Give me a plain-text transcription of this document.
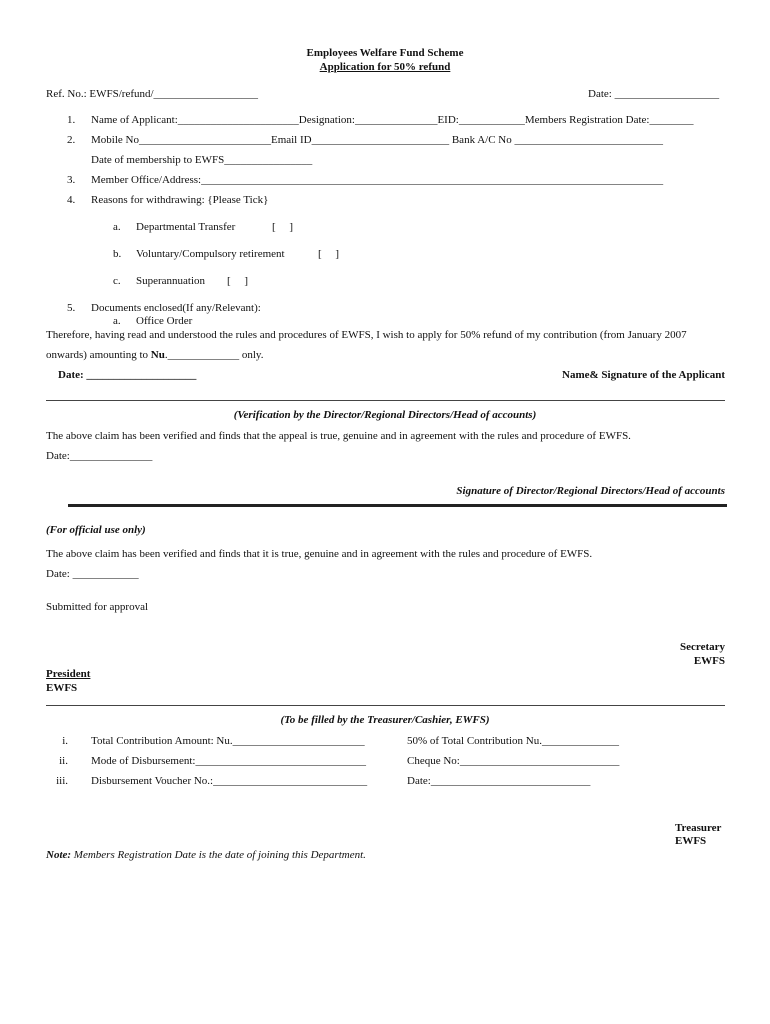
Employees Welfare Fund Scheme
Application for 50% refund
Ref. No.: EWFS/refund/___________________	Date: ___________________
1. Name of Applicant:______________________Designation:_______________EID:____________Members Registration Date:________
2. Mobile No________________________Email ID_________________________ Bank A/C No ___________________________
Date of membership to EWFS________________
3. Member Office/Address:____________________________________________________________________________________
4. Reasons for withdrawing: {Please Tick}
a. Departmental Transfer	[     ]
b. Voluntary/Compulsory retirement	[     ]
c. Superannuation [     ]
5. Documents enclosed(If any/Relevant):
a. Office Order
Therefore, having read and understood the rules and procedures of EWFS, I wish to apply for 50% refund of my contribution (from January 2007
onwards) amounting to Nu._____________ only.
Date: ____________________	Name& Signature of the Applicant
(Verification by the Director/Regional Directors/Head of accounts)
The above claim has been verified and finds that the appeal is true, genuine and in agreement with the rules and procedure of EWFS.
Date:_______________
Signature of Director/Regional Directors/Head of accounts
(For official use only)
The above claim has been verified and finds that it is true, genuine and in agreement with the rules and procedure of EWFS.
Date: ____________
Submitted for approval
Secretary
EWFS
President
EWFS
(To be filled by the Treasurer/Cashier, EWFS)
i. Total Contribution Amount: Nu.________________________	50% of Total Contribution Nu.______________
ii. Mode of Disbursement:_______________________________	Cheque No:_____________________________
iii. Disbursement Voucher No.:____________________________	Date:_____________________________
Treasurer
EWFS
Note: Members Registration Date is the date of joining this Department.
